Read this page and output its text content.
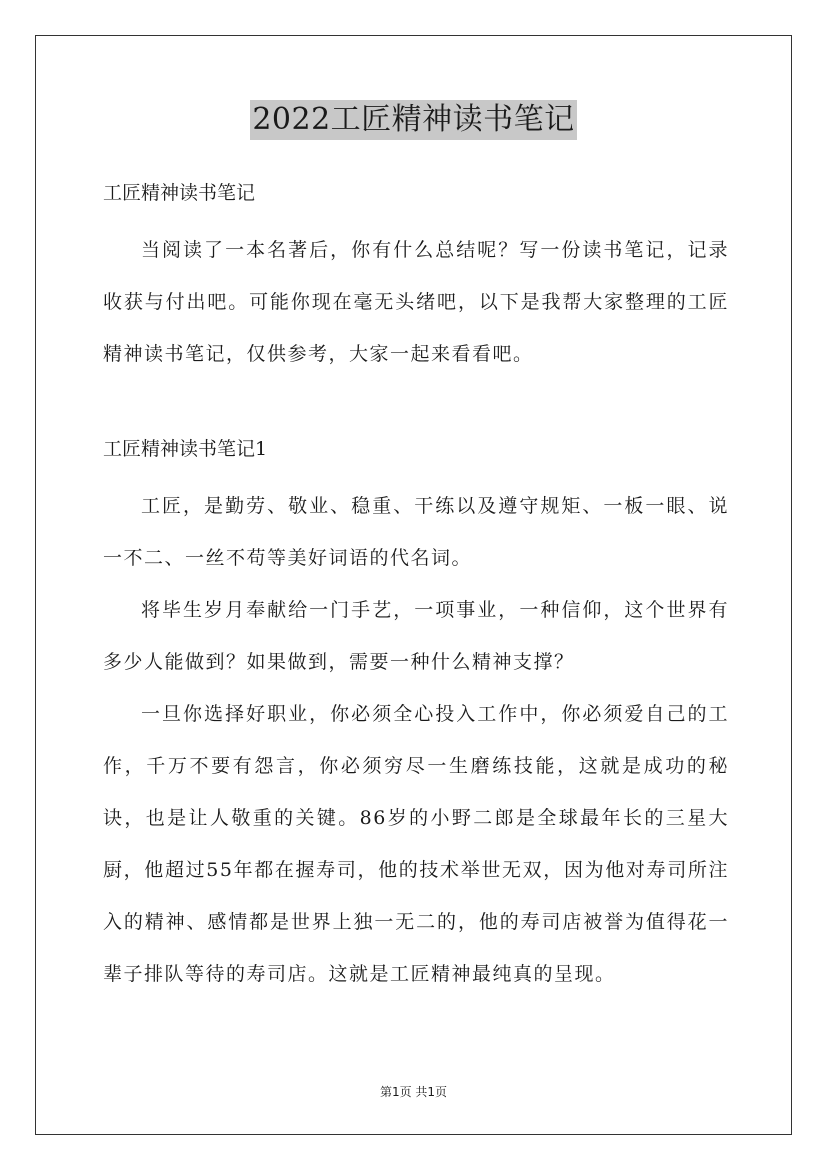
2022工匠精神读书笔记

工匠精神读书笔记

当阅读了一本名著后，你有什么总结呢？写一份读书笔记，记录收获与付出吧。可能你现在毫无头绪吧，以下是我帮大家整理的工匠精神读书笔记，仅供参考，大家一起来看看吧。

工匠精神读书笔记1

工匠，是勤劳、敬业、稳重、干练以及遵守规矩、一板一眼、说一不二、一丝不苟等美好词语的代名词。

将毕生岁月奉献给一门手艺，一项事业，一种信仰，这个世界有多少人能做到？如果做到，需要一种什么精神支撑？

一旦你选择好职业，你必须全心投入工作中，你必须爱自己的工作，千万不要有怨言，你必须穷尽一生磨练技能，这就是成功的秘诀，也是让人敬重的关键。86岁的小野二郎是全球最年长的三星大厨，他超过55年都在握寿司，他的技术举世无双，因为他对寿司所注入的精神、感情都是世界上独一无二的，他的寿司店被誉为值得花一辈子排队等待的寿司店。这就是工匠精神最纯真的呈现。

第1页 共1页
